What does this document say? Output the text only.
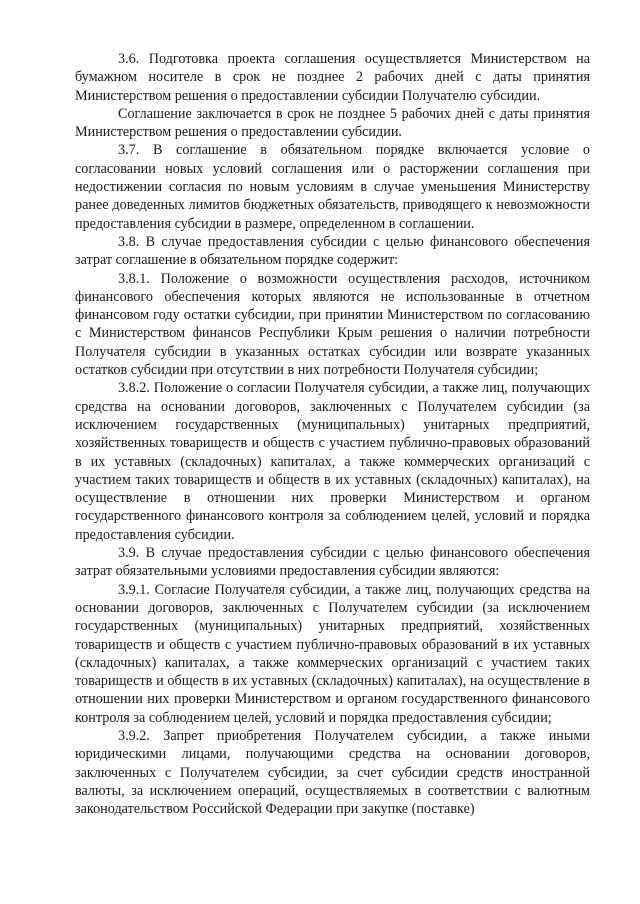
3.6. Подготовка проекта соглашения осуществляется Министерством на бумажном носителе в срок не позднее 2 рабочих дней с даты принятия Министерством решения о предоставлении субсидии Получателю субсидии.

Соглашение заключается в срок не позднее 5 рабочих дней с даты принятия Министерством решения о предоставлении субсидии.

3.7. В соглашение в обязательном порядке включается условие о согласовании новых условий соглашения или о расторжении соглашения при недостижении согласия по новым условиям в случае уменьшения Министерству ранее доведенных лимитов бюджетных обязательств, приводящего к невозможности предоставления субсидии в размере, определенном в соглашении.

3.8. В случае предоставления субсидии с целью финансового обеспечения затрат соглашение в обязательном порядке содержит:

3.8.1. Положение о возможности осуществления расходов, источником финансового обеспечения которых являются не использованные в отчетном финансовом году остатки субсидии, при принятии Министерством по согласованию с Министерством финансов Республики Крым решения о наличии потребности Получателя субсидии в указанных остатках субсидии или возврате указанных остатков субсидии при отсутствии в них потребности Получателя субсидии;

3.8.2. Положение о согласии Получателя субсидии, а также лиц, получающих средства на основании договоров, заключенных с Получателем субсидии (за исключением государственных (муниципальных) унитарных предприятий, хозяйственных товариществ и обществ с участием публично-правовых образований в их уставных (складочных) капиталах, а также коммерческих организаций с участием таких товариществ и обществ в их уставных (складочных) капиталах), на осуществление в отношении них проверки Министерством и органом государственного финансового контроля за соблюдением целей, условий и порядка предоставления субсидии.

3.9. В случае предоставления субсидии с целью финансового обеспечения затрат обязательными условиями предоставления субсидии являются:

3.9.1. Согласие Получателя субсидии, а также лиц, получающих средства на основании договоров, заключенных с Получателем субсидии (за исключением государственных (муниципальных) унитарных предприятий, хозяйственных товариществ и обществ с участием публично-правовых образований в их уставных (складочных) капиталах, а также коммерческих организаций с участием таких товариществ и обществ в их уставных (складочных) капиталах), на осуществление в отношении них проверки Министерством и органом государственного финансового контроля за соблюдением целей, условий и порядка предоставления субсидии;

3.9.2. Запрет приобретения Получателем субсидии, а также иными юридическими лицами, получающими средства на основании договоров, заключенных с Получателем субсидии, за счет субсидии средств иностранной валюты, за исключением операций, осуществляемых в соответствии с валютным законодательством Российской Федерации при закупке (поставке)
